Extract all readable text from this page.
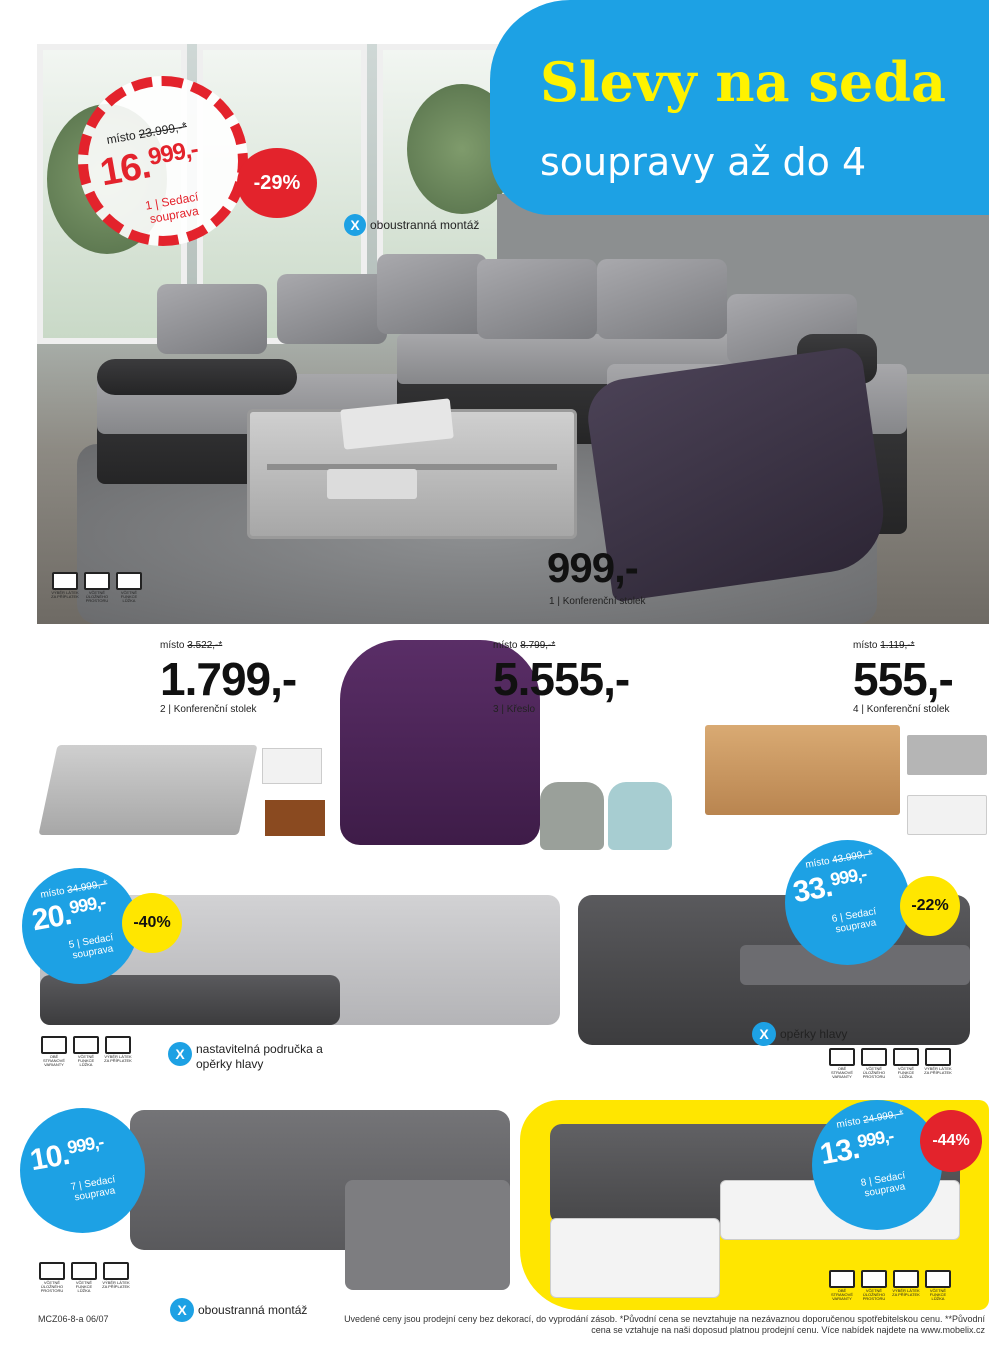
VÝBĚR LÁTEK ZA PŘÍPLATEK
VČETNĚ ÚLOŽNÉHO PROSTORU
VČETNĚ FUNKCE LŮŽKA
999,-
1 | Konferenční stolek
X oboustranná montáž
Slevy na seda
soupravy až do 4
místo 23.999,-*
16.999,-
1 | Sedací souprava
-29%
místo 3.522,-*
1.799,-
2 | Konferenční stolek
místo 8.799,-*
5.555,-
3 | Křeslo
místo 1.119,-*
555,-
4 | Konferenční stolek
místo 34.999,-*
20.999,-
5 | Sedací souprava
-40%
OBĚ STRANOVÉ VARIANTY
VČETNĚ FUNKCE LŮŽKA
VÝBĚR LÁTEK ZA PŘÍPLATEK	X nastavitelná područka a opěrky hlavy
místo 43.999,-*
33.999,-
6 | Sedací souprava
-22%
X opěrky hlavy
OBĚ STRANOVÉ VARIANTY
VČETNĚ ÚLOŽNÉHO PROSTORU
VČETNĚ FUNKCE LŮŽKA
VÝBĚR LÁTEK ZA PŘÍPLATEK
10.999,-
7 | Sedací souprava
VČETNĚ ÚLOŽNÉHO PROSTORU
VČETNĚ FUNKCE LŮŽKA
VÝBĚR LÁTEK ZA PŘÍPLATEK
X oboustranná montáž
místo 24.999,-*
13.999,-
8 | Sedací souprava
-44%
OBĚ STRANOVÉ VARIANTY
VČETNĚ ÚLOŽNÉHO PROSTORU
VÝBĚR LÁTEK ZA PŘÍPLATEK
VČETNĚ FUNKCE LŮŽKA
MCZ06-8-a 06/07	Uvedené ceny jsou prodejní ceny bez dekorací, do vyprodání zásob. *Původní cena se nevztahuje na nezávaznou doporučenou spotřebitelskou cenu. **Původní
cena se vztahuje na naši doposud platnou prodejní cenu. Více nabídek najdete na www.mobelix.cz
